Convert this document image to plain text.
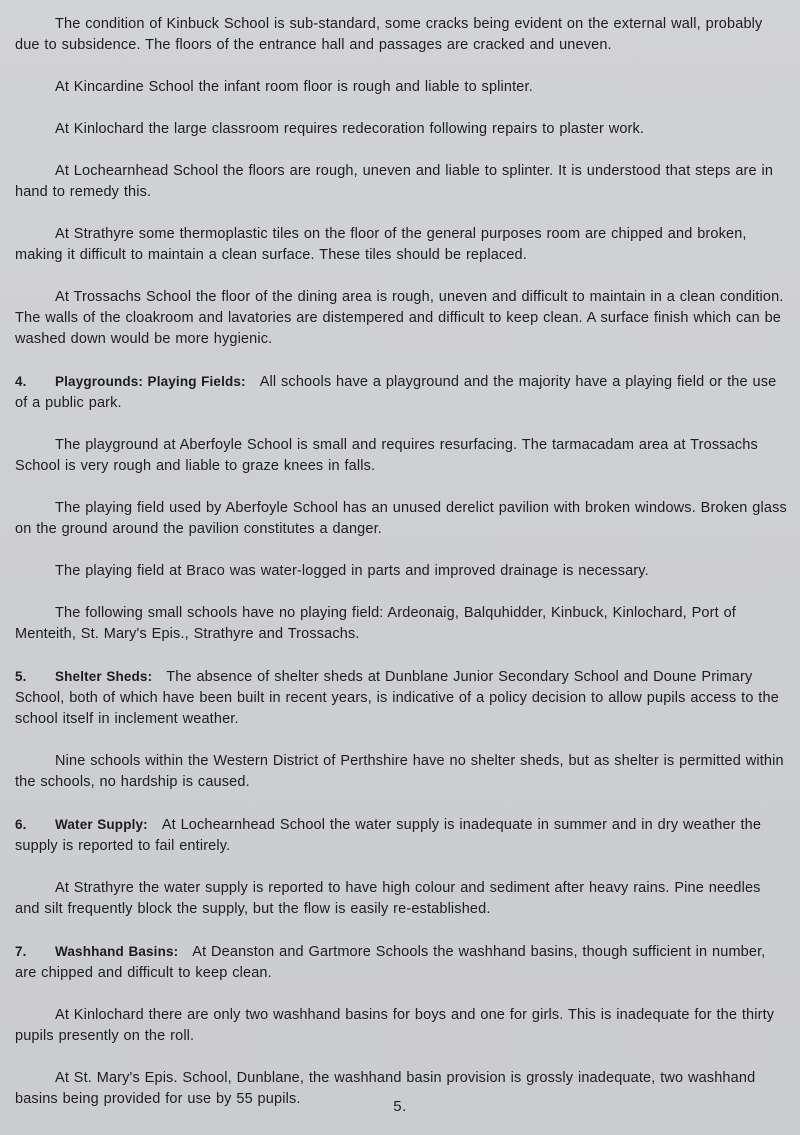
The condition of Kinbuck School is sub-standard, some cracks being evident on the external wall, probably due to subsidence. The floors of the entrance hall and passages are cracked and uneven.

At Kincardine School the infant room floor is rough and liable to splinter.

At Kinlochard the large classroom requires redecoration following repairs to plaster work.

At Lochearnhead School the floors are rough, uneven and liable to splinter. It is understood that steps are in hand to remedy this.

At Strathyre some thermoplastic tiles on the floor of the general purposes room are chipped and broken, making it difficult to maintain a clean surface. These tiles should be replaced.

At Trossachs School the floor of the dining area is rough, uneven and difficult to maintain in a clean condition. The walls of the cloakroom and lavatories are distempered and difficult to keep clean. A surface finish which can be washed down would be more hygienic.

4. Playgrounds: Playing Fields: All schools have a playground and the majority have a playing field or the use of a public park.

The playground at Aberfoyle School is small and requires resurfacing. The tarmacadam area at Trossachs School is very rough and liable to graze knees in falls.

The playing field used by Aberfoyle School has an unused derelict pavilion with broken windows. Broken glass on the ground around the pavilion constitutes a danger.

The playing field at Braco was water-logged in parts and improved drainage is necessary.

The following small schools have no playing field: Ardeonaig, Balquhidder, Kinbuck, Kinlochard, Port of Menteith, St. Mary's Epis., Strathyre and Trossachs.

5. Shelter Sheds: The absence of shelter sheds at Dunblane Junior Secondary School and Doune Primary School, both of which have been built in recent years, is indicative of a policy decision to allow pupils access to the school itself in inclement weather.

Nine schools within the Western District of Perthshire have no shelter sheds, but as shelter is permitted within the schools, no hardship is caused.

6. Water Supply: At Lochearnhead School the water supply is inadequate in summer and in dry weather the supply is reported to fail entirely.

At Strathyre the water supply is reported to have high colour and sediment after heavy rains. Pine needles and silt frequently block the supply, but the flow is easily re-established.

7. Washhand Basins: At Deanston and Gartmore Schools the washhand basins, though sufficient in number, are chipped and difficult to keep clean.

At Kinlochard there are only two washhand basins for boys and one for girls. This is inadequate for the thirty pupils presently on the roll.

At St. Mary's Epis. School, Dunblane, the washhand basin provision is grossly inadequate, two washhand basins being provided for use by 55 pupils.	5.
